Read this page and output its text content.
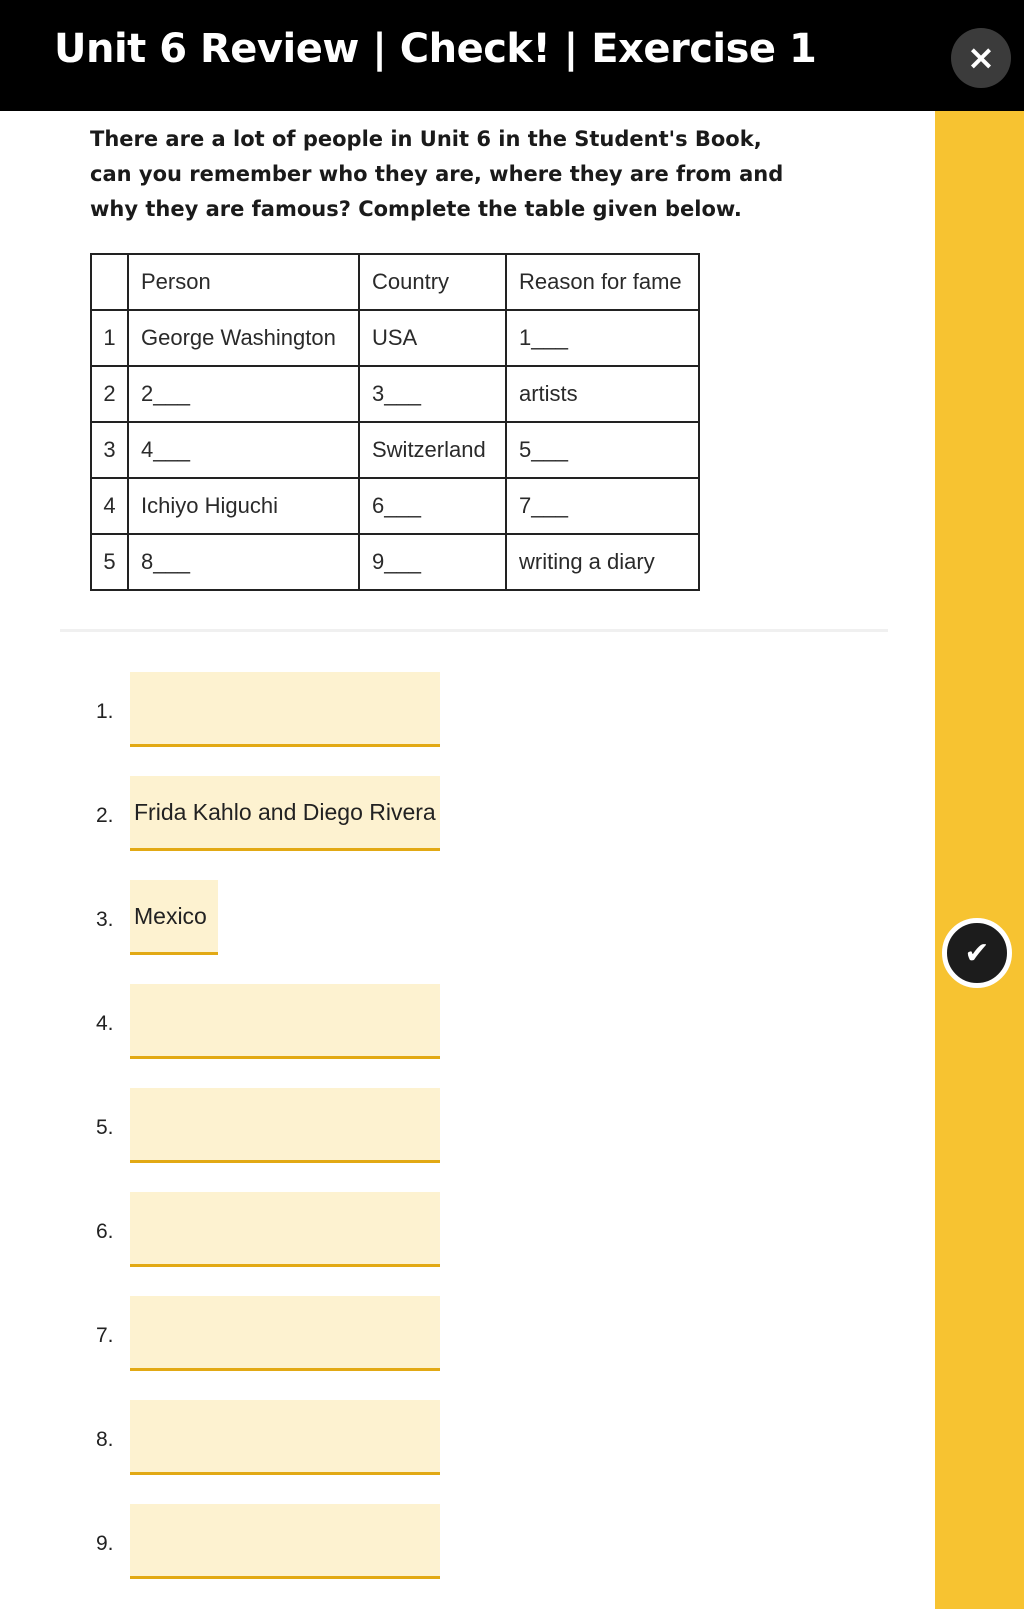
Unit 6 Review | Check! | Exercise 1	×
✔
There are a lot of people in Unit 6 in the Student's Book, can you remember who they are, where they are from and why they are famous? Complete the table given below.
	Person	Country	Reason for fame
1	George Washington	USA	1___
2	2___	3___	artists
3	4___	Switzerland	5___
4	Ichiyo Higuchi	6___	7___
5	8___	9___	writing a diary
1.
2. Frida Kahlo and Diego Rivera
3. Mexico
4.
5.
6.
7.
8.
9.
